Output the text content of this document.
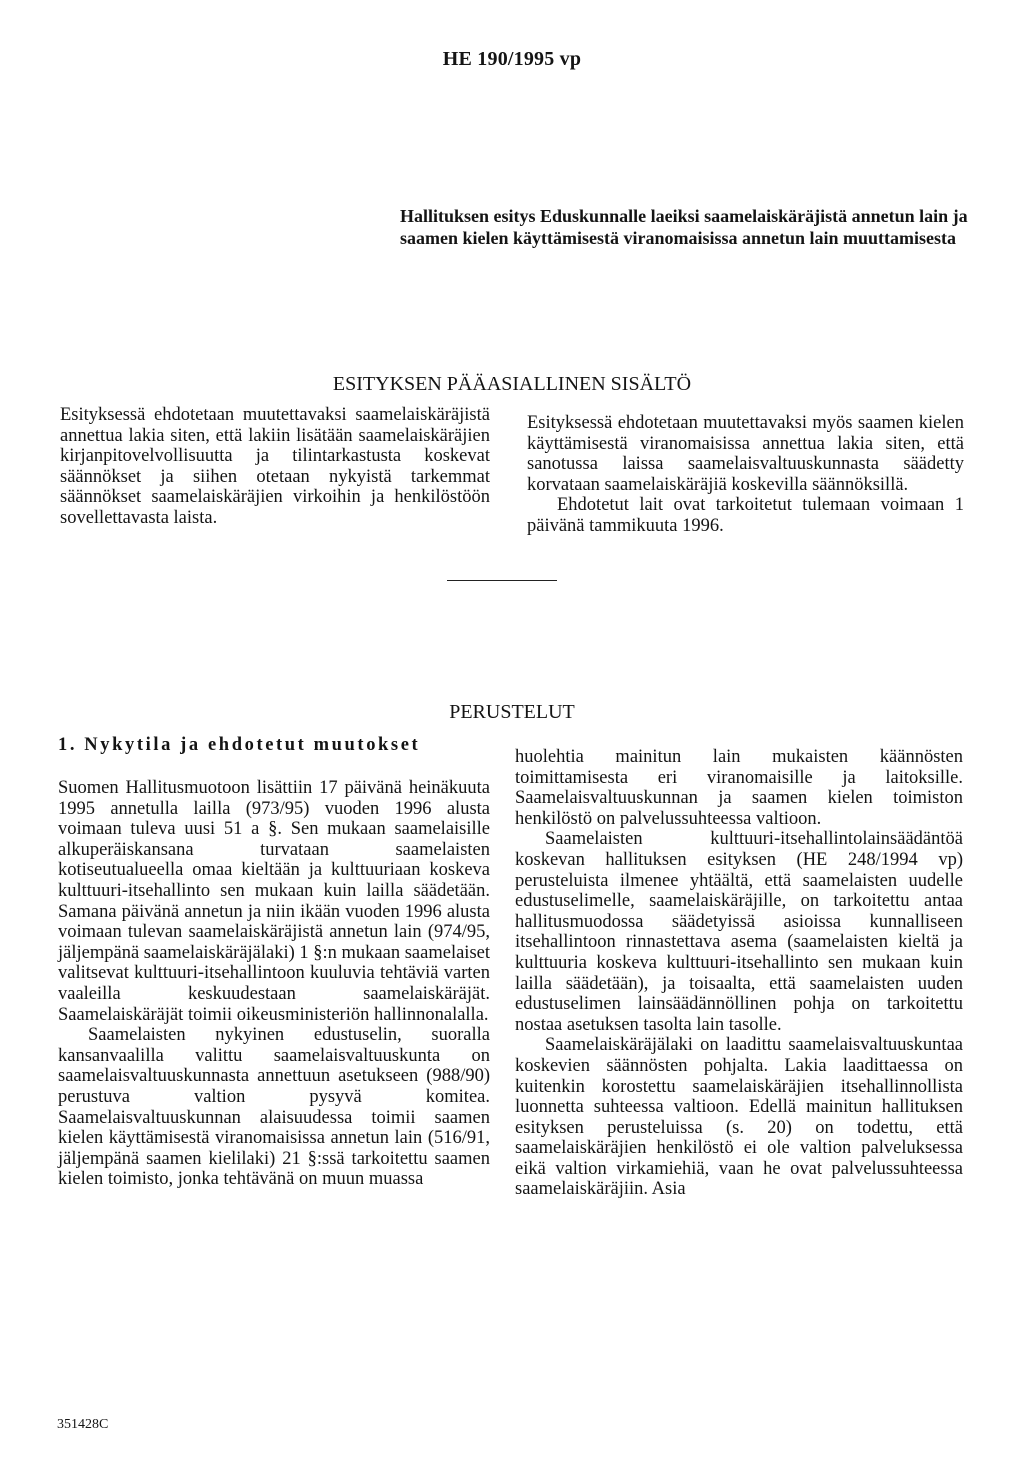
HE 190/1995 vp
Hallituksen esitys Eduskunnalle laeiksi saamelaiskäräjistä annetun lain ja saamen kielen käyttämisestä viranomaisissa annetun lain muuttamisesta
ESITYKSEN PÄÄASIALLINEN SISÄLTÖ

Esityksessä ehdotetaan muutettavaksi saamelaiskäräjistä annettua lakia siten, että lakiin lisätään saamelaiskäräjien kirjanpitovelvollisuutta ja tilintarkastusta koskevat säännökset ja siihen otetaan nykyistä tarkemmat säännökset saamelaiskäräjien virkoihin ja henkilöstöön sovellettavasta laista.

Esityksessä ehdotetaan muutettavaksi myös saamen kielen käyttämisestä viranomaisissa annettua lakia siten, että sanotussa laissa saamelaisvaltuuskunnasta säädetty korvataan saamelaiskäräjiä koskevilla säännöksillä.

Ehdotetut lait ovat tarkoitetut tulemaan voimaan 1 päivänä tammikuuta 1996.

PERUSTELUT
1. Nykytila ja ehdotetut muutokset

Suomen Hallitusmuotoon lisättiin 17 päivänä heinäkuuta 1995 annetulla lailla (973/95) vuoden 1996 alusta voimaan tuleva uusi 51 a §. Sen mukaan saamelaisille alkuperäiskansana turvataan saamelaisten kotiseutualueella omaa kieltään ja kulttuuriaan koskeva kulttuuri-itsehallinto sen mukaan kuin lailla säädetään. Samana päivänä annetun ja niin ikään vuoden 1996 alusta voimaan tulevan saamelaiskäräjistä annetun lain (974/95, jäljempänä saamelaiskäräjälaki) 1 §:n mukaan saamelaiset valitsevat kulttuuri-itsehallintoon kuuluvia tehtäviä varten vaaleilla keskuudestaan saamelaiskäräjät. Saamelaiskäräjät toimii oikeusministeriön hallinnonalalla.

Saamelaisten nykyinen edustuselin, suoralla kansanvaalilla valittu saamelaisvaltuuskunta on saamelaisvaltuuskunnasta annettuun asetukseen (988/90) perustuva valtion pysyvä komitea. Saamelaisvaltuuskunnan alaisuudessa toimii saamen kielen käyttämisestä viranomaisissa annetun lain (516/91, jäljempänä saamen kielilaki) 21 §:ssä tarkoitettu saamen kielen toimisto, jonka tehtävänä on muun muassa

huolehtia mainitun lain mukaisten käännösten toimittamisesta eri viranomaisille ja laitoksille. Saamelaisvaltuuskunnan ja saamen kielen toimiston henkilöstö on palvelussuhteessa valtioon.

Saamelaisten kulttuuri-itsehallintolainsäädäntöä koskevan hallituksen esityksen (HE 248/1994 vp) perusteluista ilmenee yhtäältä, että saamelaisten uudelle edustuselimelle, saamelaiskäräjille, on tarkoitettu antaa hallitusmuodossa säädetyissä asioissa kunnalliseen itsehallintoon rinnastettava asema (saamelaisten kieltä ja kulttuuria koskeva kulttuuri-itsehallinto sen mukaan kuin lailla säädetään), ja toisaalta, että saamelaisten uuden edustuselimen lainsäädännöllinen pohja on tarkoitettu nostaa asetuksen tasolta lain tasolle.

Saamelaiskäräjälaki on laadittu saamelaisvaltuuskuntaa koskevien säännösten pohjalta. Lakia laadittaessa on kuitenkin korostettu saamelaiskäräjien itsehallinnollista luonnetta suhteessa valtioon. Edellä mainitun hallituksen esityksen perusteluissa (s. 20) on todettu, että saamelaiskäräjien henkilöstö ei ole valtion palveluksessa eikä valtion virkamiehiä, vaan he ovat palvelussuhteessa saamelaiskäräjiin. Asia

351428C
